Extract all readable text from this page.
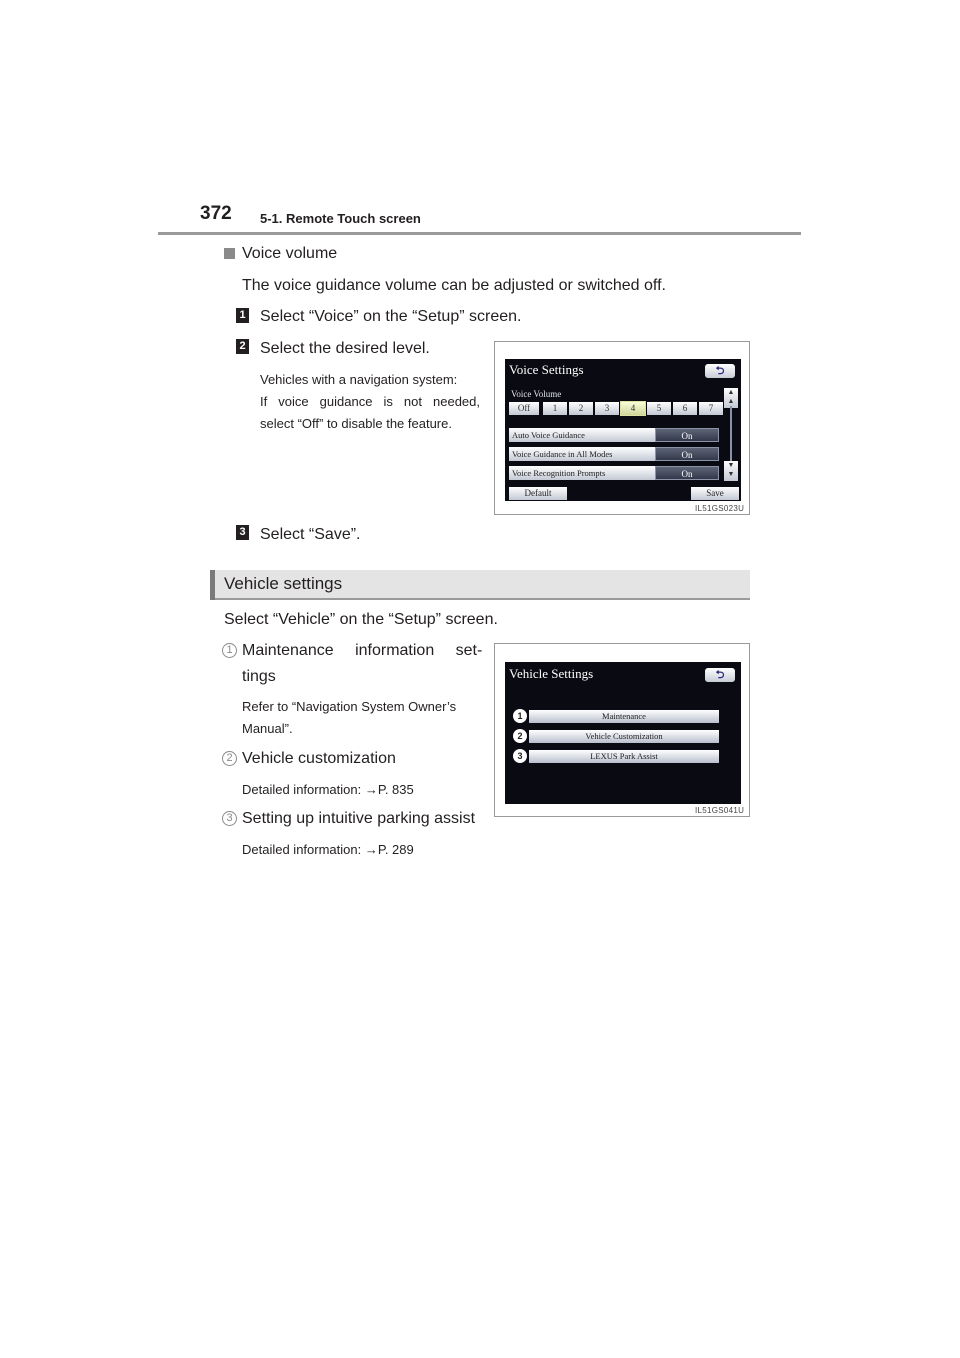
372 5-1. Remote Touch screen
Voice volume
The voice guidance volume can be adjusted or switched off.
1 Select “Voice” on the “Setup” screen.
2 Select the desired level.
Vehicles with a navigation system:
If voice guidance is not needed, select “Off” to disable the feature.
3 Select “Save”.
Voice Settings	⮌
Voice Volume
Off	1	2	3	4	5	6	7
Auto Voice Guidance	On
Voice Guidance in All Modes	On
Voice Recognition Prompts	On
▲
▲
▼
▼
Default	Save
IL51GS023U
Vehicle settings
Select “Vehicle” on the “Setup” screen.
1 Maintenance information set-
tings
Refer to “Navigation System Owner’s
Manual”.
2 Vehicle customization
Detailed information: →P. 835
3 Setting up intuitive parking assist
Detailed information: →P. 289
Vehicle Settings	⮌
1	Maintenance
2	Vehicle Customization
3	LEXUS Park Assist
IL51GS041U
